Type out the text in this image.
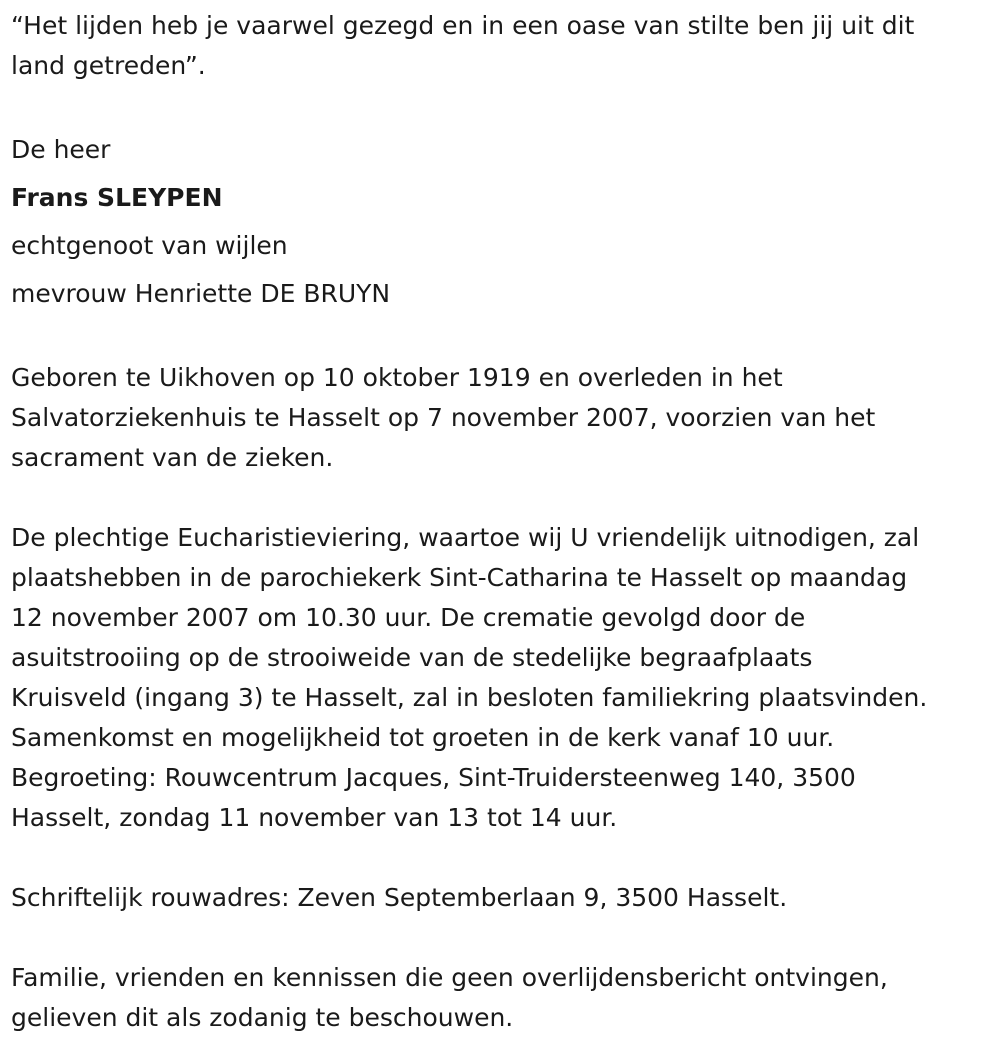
“Het lijden heb je vaarwel gezegd en in een oase van stilte ben jij uit dit

land getreden”.

De heer

Frans SLEYPEN

echtgenoot van wijlen

mevrouw Henriette DE BRUYN

Geboren te Uikhoven op 10 oktober 1919 en overleden in het

Salvatorziekenhuis te Hasselt op 7 november 2007, voorzien van het

sacrament van de zieken.

De plechtige Eucharistieviering, waartoe wij U vriendelijk uitnodigen, zal

plaatshebben in de parochiekerk Sint-Catharina te Hasselt op maandag

12 november 2007 om 10.30 uur. De crematie gevolgd door de

asuitstrooiing op de strooiweide van de stedelijke begraafplaats

Kruisveld (ingang 3) te Hasselt, zal in besloten familiekring plaatsvinden.

Samenkomst en mogelijkheid tot groeten in de kerk vanaf 10 uur.

Begroeting: Rouwcentrum Jacques, Sint-Truidersteenweg 140, 3500

Hasselt, zondag 11 november van 13 tot 14 uur.

Schriftelijk rouwadres: Zeven Septemberlaan 9, 3500 Hasselt.

Familie, vrienden en kennissen die geen overlijdensbericht ontvingen,

gelieven dit als zodanig te beschouwen.
